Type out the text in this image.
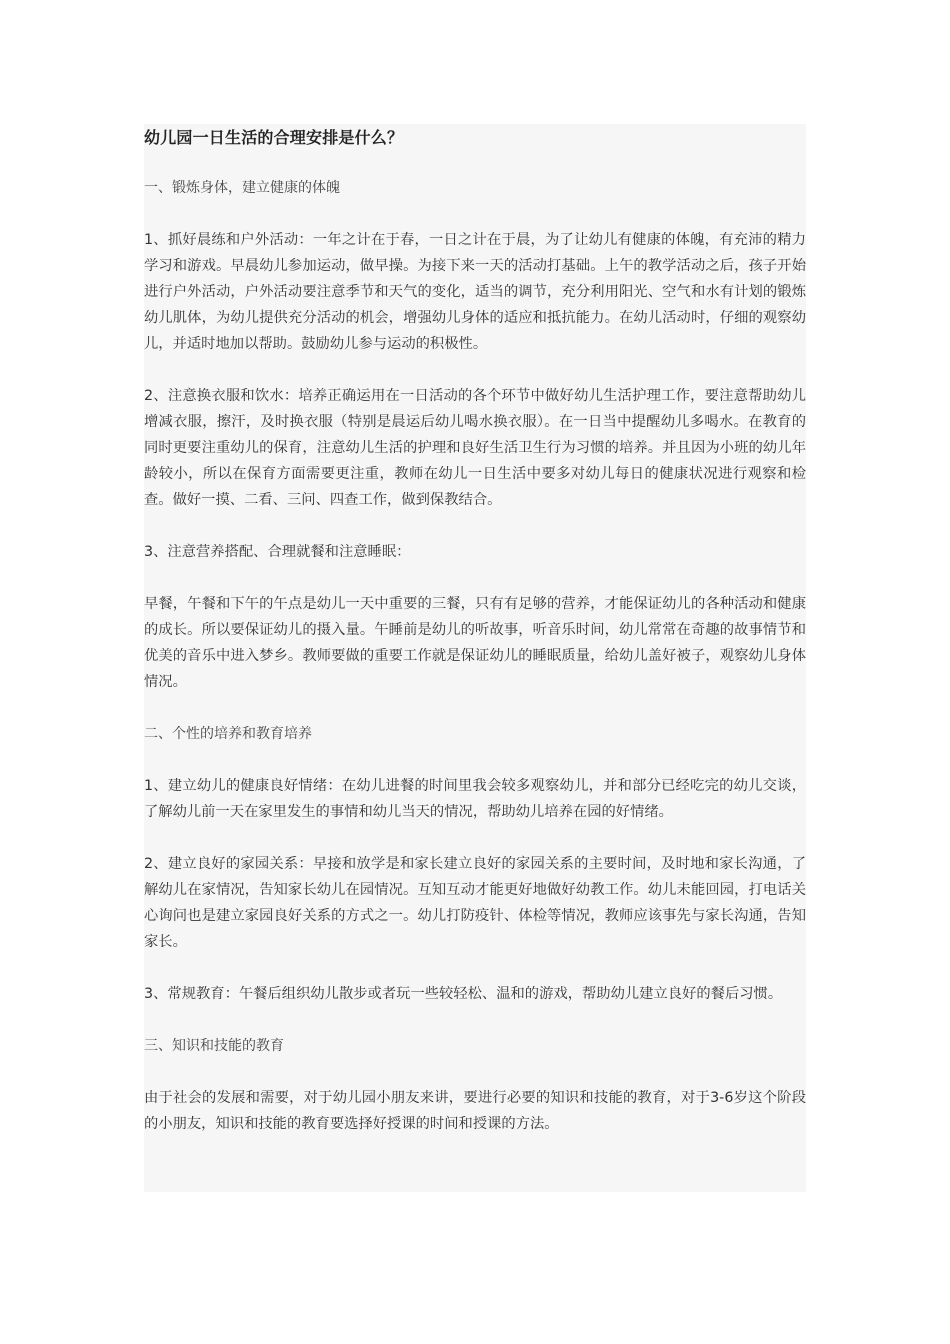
幼儿园一日生活的合理安排是什么？

一、锻炼身体，建立健康的体魄

1、抓好晨练和户外活动：一年之计在于春，一日之计在于晨，为了让幼儿有健康的体魄，有充沛的精力学习和游戏。早晨幼儿参加运动，做早操。为接下来一天的活动打基础。上午的教学活动之后，孩子开始进行户外活动，户外活动要注意季节和天气的变化，适当的调节，充分利用阳光、空气和水有计划的锻炼幼儿肌体，为幼儿提供充分活动的机会，增强幼儿身体的适应和抵抗能力。在幼儿活动时，仔细的观察幼儿，并适时地加以帮助。鼓励幼儿参与运动的积极性。

2、注意换衣服和饮水：培养正确运用在一日活动的各个环节中做好幼儿生活护理工作，要注意帮助幼儿增减衣服，擦汗，及时换衣服（特别是晨运后幼儿喝水换衣服）。在一日当中提醒幼儿多喝水。在教育的同时更要注重幼儿的保育，注意幼儿生活的护理和良好生活卫生行为习惯的培养。并且因为小班的幼儿年龄较小，所以在保育方面需要更注重，教师在幼儿一日生活中要多对幼儿每日的健康状况进行观察和检查。做好一摸、二看、三问、四查工作，做到保教结合。

3、注意营养搭配、合理就餐和注意睡眠：

早餐，午餐和下午的午点是幼儿一天中重要的三餐，只有有足够的营养，才能保证幼儿的各种活动和健康的成长。所以要保证幼儿的摄入量。午睡前是幼儿的听故事，听音乐时间，幼儿常常在奇趣的故事情节和优美的音乐中进入梦乡。教师要做的重要工作就是保证幼儿的睡眠质量，给幼儿盖好被子，观察幼儿身体情况。

二、个性的培养和教育培养

1、建立幼儿的健康良好情绪：在幼儿进餐的时间里我会较多观察幼儿，并和部分已经吃完的幼儿交谈，了解幼儿前一天在家里发生的事情和幼儿当天的情况，帮助幼儿培养在园的好情绪。

2、建立良好的家园关系：早接和放学是和家长建立良好的家园关系的主要时间，及时地和家长沟通，了解幼儿在家情况，告知家长幼儿在园情况。互知互动才能更好地做好幼教工作。幼儿未能回园，打电话关心询问也是建立家园良好关系的方式之一。幼儿打防疫针、体检等情况，教师应该事先与家长沟通，告知家长。

3、常规教育：午餐后组织幼儿散步或者玩一些较轻松、温和的游戏，帮助幼儿建立良好的餐后习惯。

三、知识和技能的教育

由于社会的发展和需要，对于幼儿园小朋友来讲，要进行必要的知识和技能的教育，对于3-6岁这个阶段的小朋友，知识和技能的教育要选择好授课的时间和授课的方法。
